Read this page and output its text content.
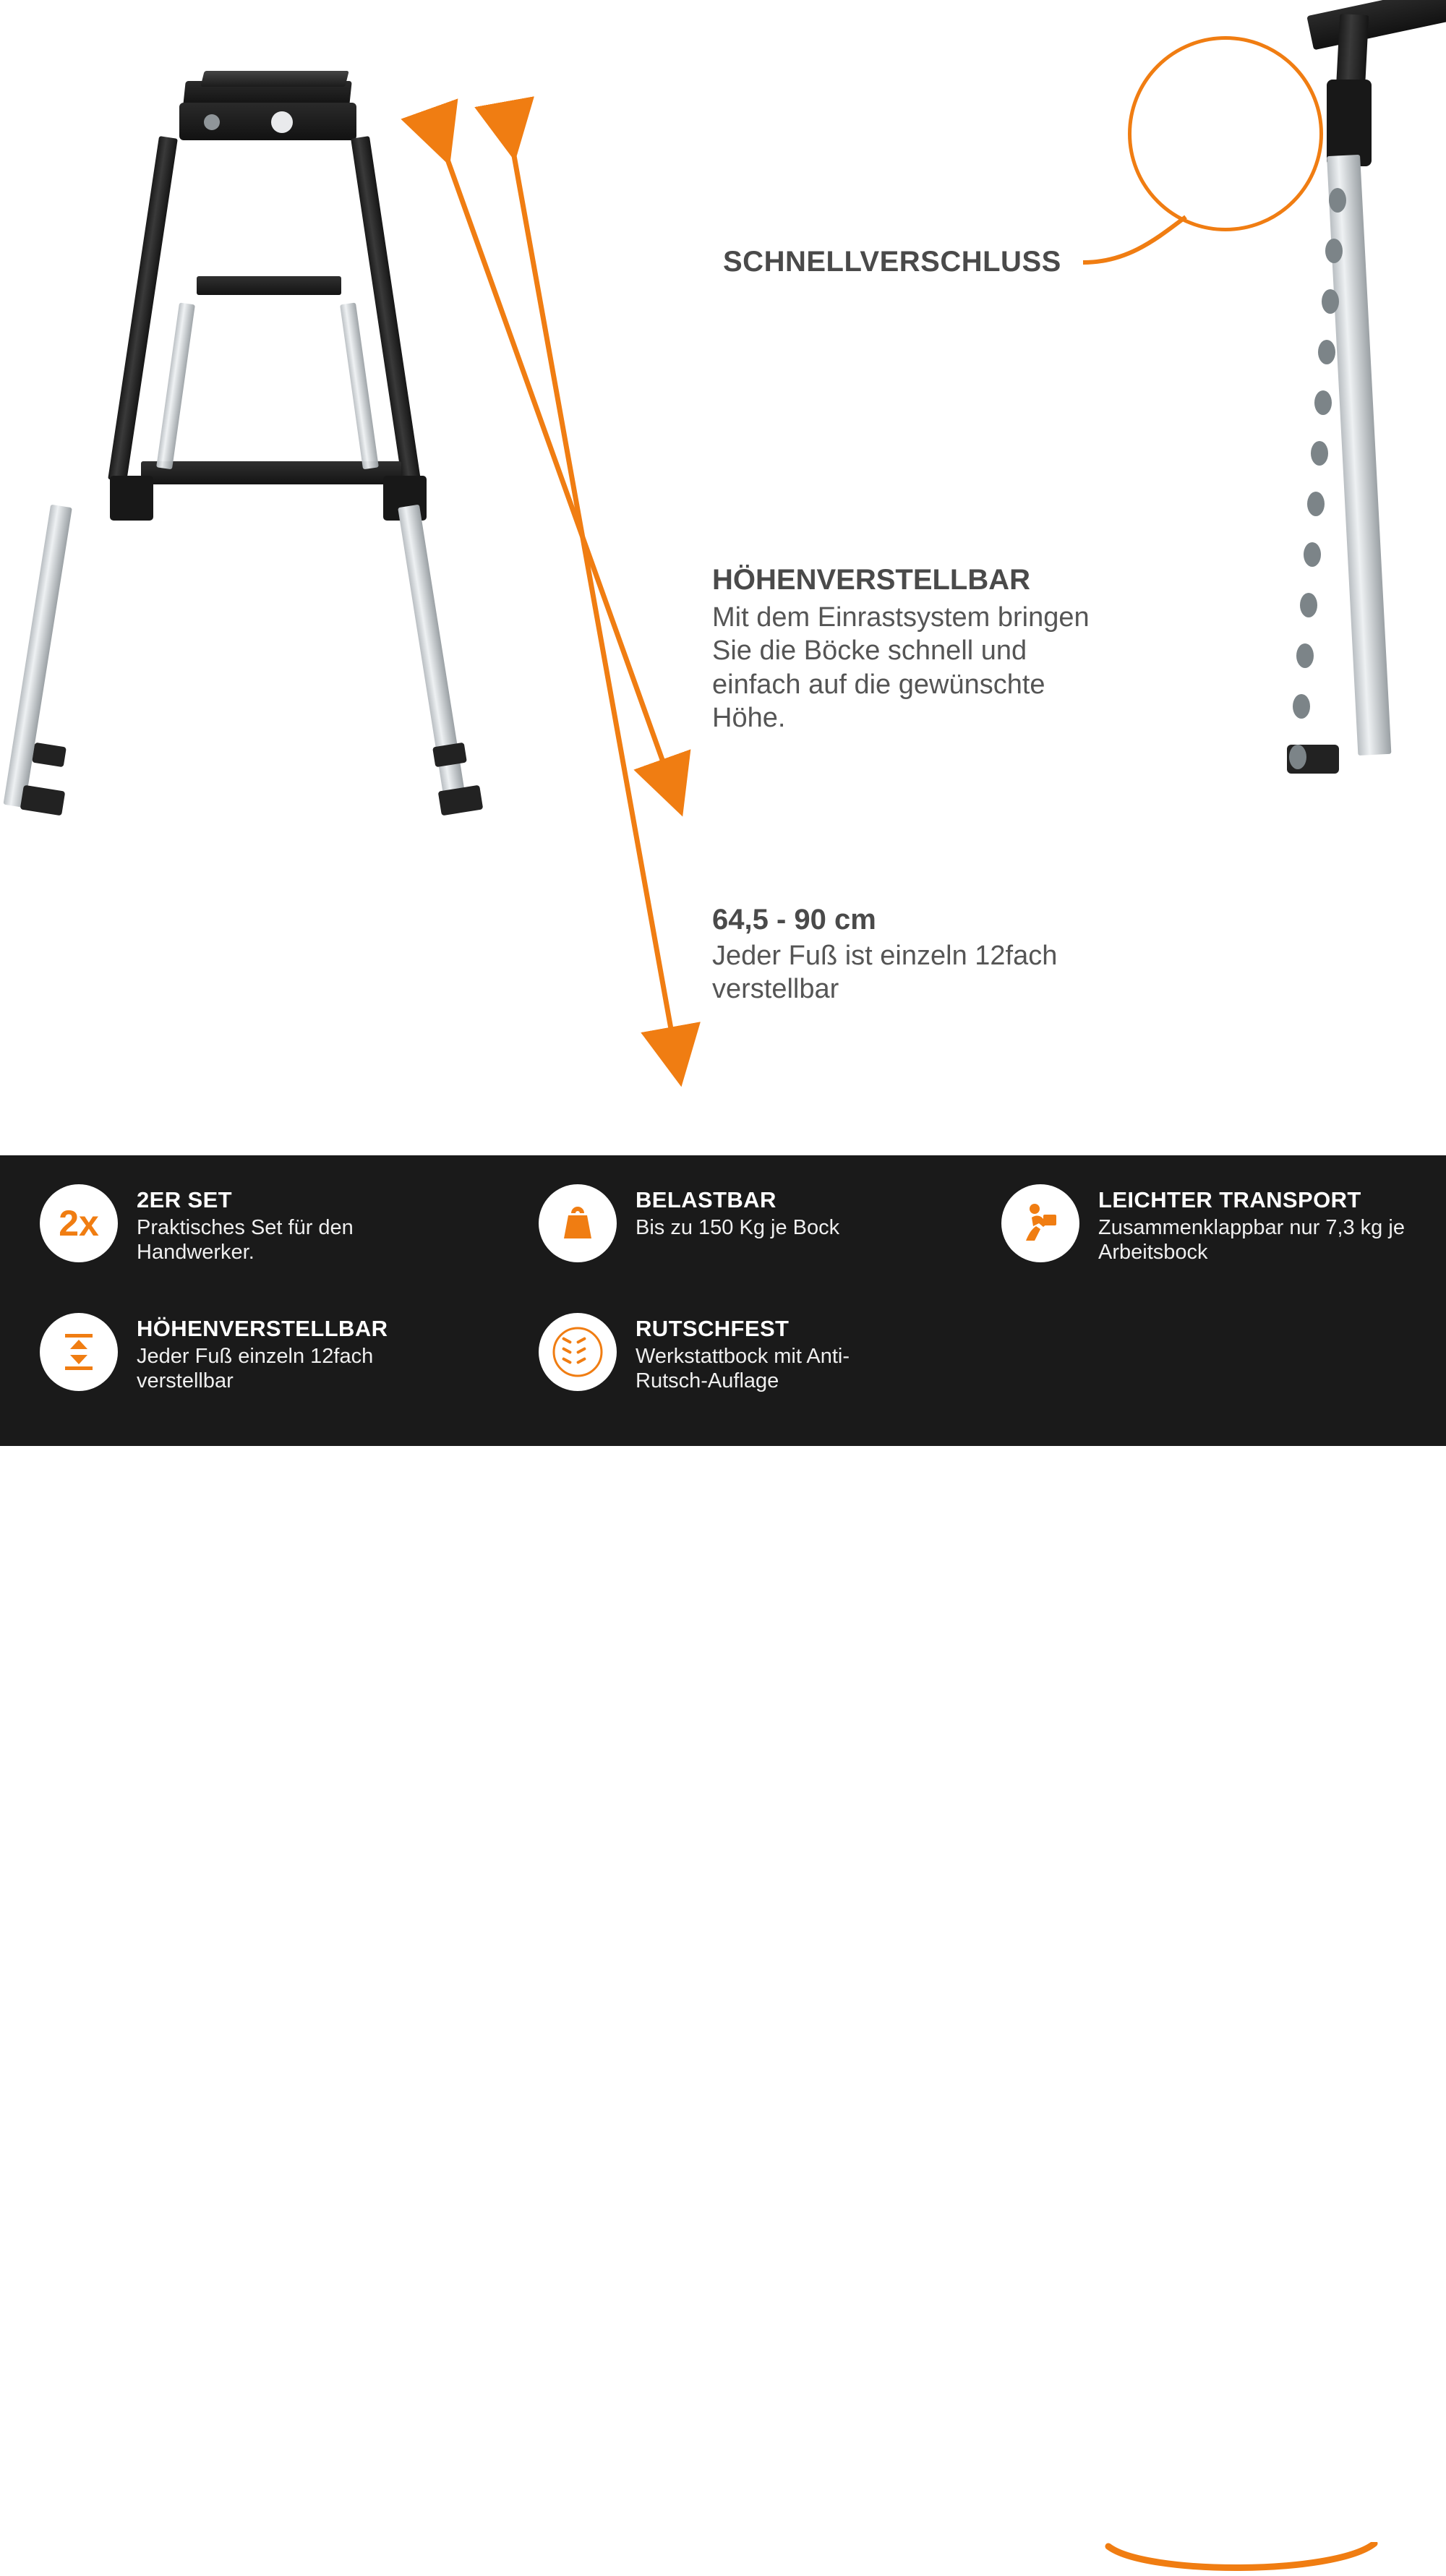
SCHNELLVERSCHLUSS
HÖHENVERSTELLBAR
Mit dem Einrastsystem bringen Sie die Böcke schnell und einfach auf die gewünschte Höhe.
64,5 - 90 cm
Jeder Fuß ist einzeln 12fach verstellbar
2x
2ER SET
Praktisches Set für den Handwerker.
BELASTBAR
Bis zu 150 Kg je Bock
LEICHTER TRANSPORT
Zusammenklappbar nur 7,3 kg je Arbeitsbock
HÖHENVERSTELLBAR
Jeder Fuß einzeln 12fach verstellbar
RUTSCHFEST
Werkstattbock mit Anti-Rutsch-Auflage
Lemodo
